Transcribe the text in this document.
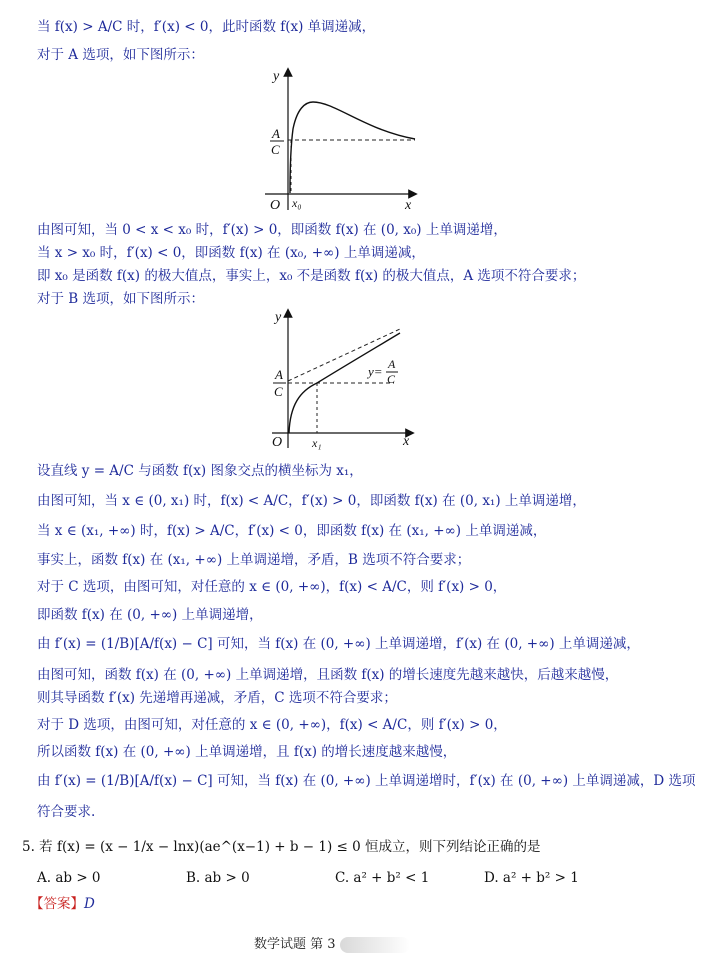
当 f(x) > A/C 时，f′(x) < 0，此时函数 f(x) 单调递减，
对于 A 选项，如下图所示：
y
x
O x₀
A
C
由图可知，当 0 < x < x₀ 时，f′(x) > 0，即函数 f(x) 在 (0, x₀) 上单调递增，
当 x > x₀ 时，f′(x) < 0，即函数 f(x) 在 (x₀, +∞) 上单调递减，
即 x₀ 是函数 f(x) 的极大值点，事实上，x₀ 不是函数 f(x) 的极大值点，A 选项不符合要求；
对于 B 选项，如下图所示：
y
x
O x₁
A
C
y= A
C
设直线 y = A/C 与函数 f(x) 图象交点的横坐标为 x₁，
由图可知，当 x ∈ (0, x₁) 时，f(x) < A/C，f′(x) > 0，即函数 f(x) 在 (0, x₁) 上单调递增，
当 x ∈ (x₁, +∞) 时，f(x) > A/C，f′(x) < 0，即函数 f(x) 在 (x₁, +∞) 上单调递减，
事实上，函数 f(x) 在 (x₁, +∞) 上单调递增，矛盾，B 选项不符合要求；
对于 C 选项，由图可知，对任意的 x ∈ (0, +∞)，f(x) < A/C，则 f′(x) > 0，
即函数 f(x) 在 (0, +∞) 上单调递增，
由 f′(x) = (1/B)[A/f(x) − C] 可知，当 f(x) 在 (0, +∞) 上单调递增，f′(x) 在 (0, +∞) 上单调递减，
由图可知，函数 f(x) 在 (0, +∞) 上单调递增，且函数 f(x) 的增长速度先越来越快，后越来越慢，
则其导函数 f′(x) 先递增再递减，矛盾，C 选项不符合要求；
对于 D 选项，由图可知，对任意的 x ∈ (0, +∞)，f(x) < A/C，则 f′(x) > 0，
所以函数 f(x) 在 (0, +∞) 上单调递增，且 f(x) 的增长速度越来越慢，
由 f′(x) = (1/B)[A/f(x) − C] 可知，当 f(x) 在 (0, +∞) 上单调递增时，f′(x) 在 (0, +∞) 上单调递减，D 选项
符合要求.
5. 若 f(x) = (x − 1/x − lnx)(ae^(x−1) + b − 1) ≤ 0 恒成立，则下列结论正确的是
A. ab > 0	B. ab > 0	C. a² + b² < 1	D. a² + b² > 1
【答案】D
数学试题 第 3
